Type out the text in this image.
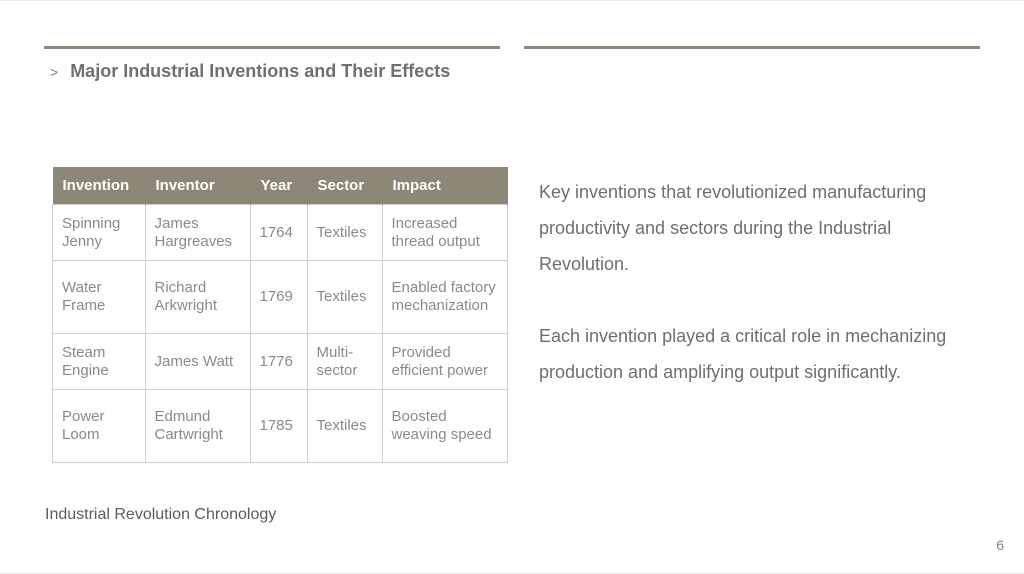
> Major Industrial Inventions and Their Effects
Invention	Inventor	Year	Sector	Impact
Spinning Jenny	James Hargreaves	1764	Textiles	Increased thread output
Water Frame	Richard Arkwright	1769	Textiles	Enabled factory mechanization
Steam Engine	James Watt	1776	Multi-sector	Provided efficient power
Power Loom	Edmund Cartwright	1785	Textiles	Boosted weaving speed

Key inventions that revolutionized manufacturing productivity and sectors during the Industrial Revolution.

Each invention played a critical role in mechanizing production and amplifying output significantly.

Industrial Revolution Chronology
6
